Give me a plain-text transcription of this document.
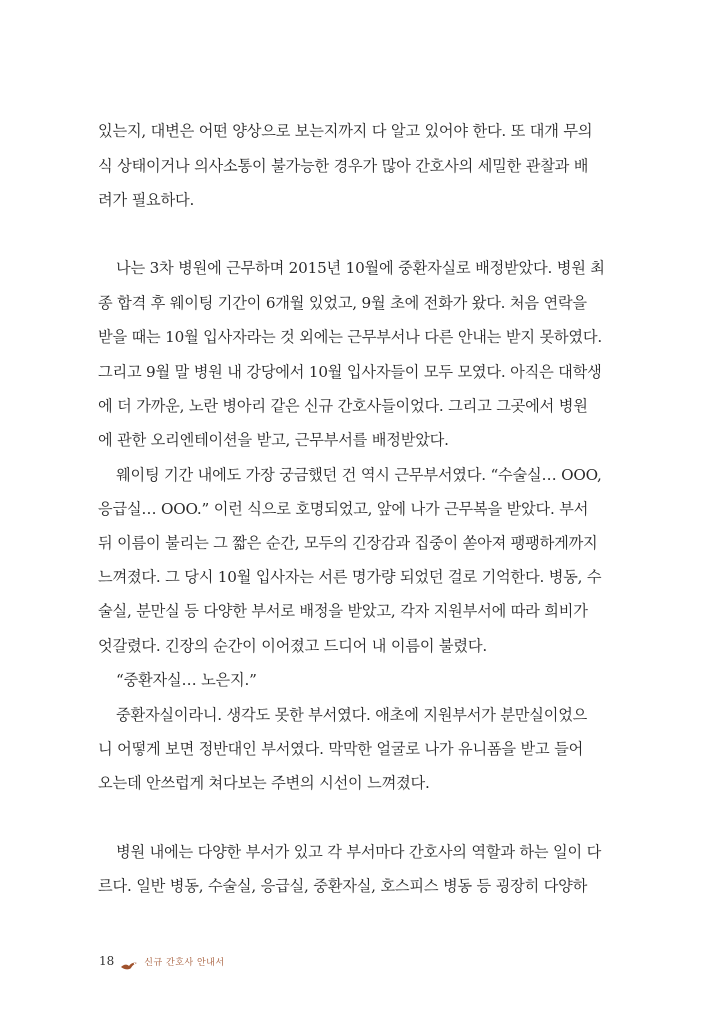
있는지, 대변은 어떤 양상으로 보는지까지 다 알고 있어야 한다. 또 대개 무의
식 상태이거나 의사소통이 불가능한 경우가 많아 간호사의 세밀한 관찰과 배
려가 필요하다.
나는 3차 병원에 근무하며 2015년 10월에 중환자실로 배정받았다. 병원 최
종 합격 후 웨이팅 기간이 6개월 있었고, 9월 초에 전화가 왔다. 처음 연락을
받을 때는 10월 입사자라는 것 외에는 근무부서나 다른 안내는 받지 못하였다.
그리고 9월 말 병원 내 강당에서 10월 입사자들이 모두 모였다. 아직은 대학생
에 더 가까운, 노란 병아리 같은 신규 간호사들이었다. 그리고 그곳에서 병원
에 관한 오리엔테이션을 받고, 근무부서를 배정받았다.
웨이팅 기간 내에도 가장 궁금했던 건 역시 근무부서였다. “수술실… OOO,
응급실… OOO.” 이런 식으로 호명되었고, 앞에 나가 근무복을 받았다. 부서
뒤 이름이 불리는 그 짧은 순간, 모두의 긴장감과 집중이 쏟아져 팽팽하게까지
느껴졌다. 그 당시 10월 입사자는 서른 명가량 되었던 걸로 기억한다. 병동, 수
술실, 분만실 등 다양한 부서로 배정을 받았고, 각자 지원부서에 따라 희비가
엇갈렸다. 긴장의 순간이 이어졌고 드디어 내 이름이 불렸다.
“중환자실… 노은지.”
중환자실이라니. 생각도 못한 부서였다. 애초에 지원부서가 분만실이었으
니 어떻게 보면 정반대인 부서였다. 막막한 얼굴로 나가 유니폼을 받고 들어
오는데 안쓰럽게 쳐다보는 주변의 시선이 느껴졌다.
병원 내에는 다양한 부서가 있고 각 부서마다 간호사의 역할과 하는 일이 다
르다. 일반 병동, 수술실, 응급실, 중환자실, 호스피스 병동 등 굉장히 다양하
18	신규 간호사 안내서
